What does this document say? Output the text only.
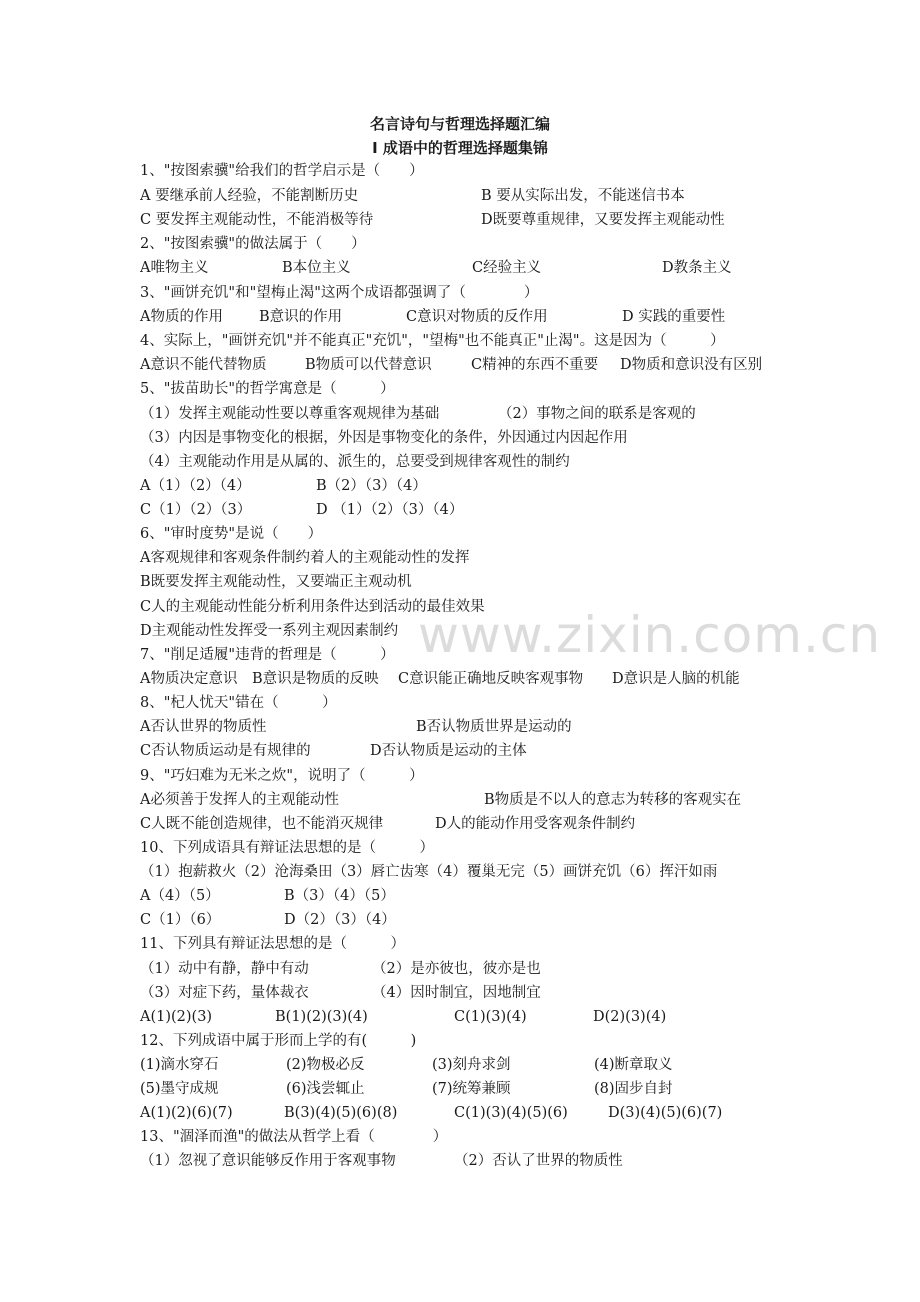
名言诗句与哲理选择题汇编
Ⅰ 成语中的哲理选择题集锦
www.zixin.com.cn
1、"按图索骥"给我们的哲学启示是（　　）
A 要继承前人经验，不能割断历史	B 要从实际出发，不能迷信书本
C 要发挥主观能动性，不能消极等待	D既要尊重规律，又要发挥主观能动性
2、"按图索骥"的做法属于（　　）
A唯物主义	B本位主义	C经验主义	D教条主义
3、"画饼充饥"和"望梅止渴"这两个成语都强调了（　　　　）
A物质的作用 B意识的作用	C意识对物质的反作用	D 实践的重要性
4、实际上，"画饼充饥"并不能真正"充饥"，"望梅"也不能真正"止渴"。这是因为（　　　）
A意识不能代替物质	B物质可以代替意识	C精神的东西不重要 D物质和意识没有区别
5、"拔苗助长"的哲学寓意是（　　　）
（1）发挥主观能动性要以尊重客观规律为基础	（2）事物之间的联系是客观的
（3）内因是事物变化的根据，外因是事物变化的条件，外因通过内因起作用
（4）主观能动作用是从属的、派生的，总要受到规律客观性的制约
A（1）（2）（4）	B（2）（3）（4）
C（1）（2）（3）	D （1）（2）（3）（4）
6、"审时度势"是说（　　）
A客观规律和客观条件制约着人的主观能动性的发挥
B既要发挥主观能动性，又要端正主观动机
C人的主观能动性能分析利用条件达到活动的最佳效果
D主观能动性发挥受一系列主观因素制约
7、"削足适履"违背的哲理是（　　　）
A物质决定意识 B意识是物质的反映 C意识能正确地反映客观事物 D意识是人脑的机能
8、"杞人忧天"错在（　　　）
A否认世界的物质性	B否认物质世界是运动的
C否认物质运动是有规律的	D否认物质是运动的主体
9、"巧妇难为无米之炊"，说明了（　　　）
A必须善于发挥人的主观能动性	B物质是不以人的意志为转移的客观实在
C人既不能创造规律，也不能消灭规律	D人的能动作用受客观条件制约
10、下列成语具有辩证法思想的是（　　　）
（1）抱薪救火（2）沧海桑田（3）唇亡齿寒（4）覆巢无完（5）画饼充饥（6）挥汗如雨
A（4）（5）	B（3）（4）（5）
C（1）（6）	D（2）（3）（4）
11、下列具有辩证法思想的是（　　　）
（1）动中有静，静中有动	（2）是亦彼也，彼亦是也
（3）对症下药，量体裁衣	（4）因时制宜，因地制宜
A(1)(2)(3)	B(1)(2)(3)(4)	C(1)(3)(4)	D(2)(3)(4)
12、下列成语中属于形而上学的有(　　　)
(1)滴水穿石	(2)物极必反	(3)刻舟求剑	(4)断章取义
(5)墨守成规	(6)浅尝辄止	(7)统筹兼顾	(8)固步自封
A(1)(2)(6)(7)	B(3)(4)(5)(6)(8)	C(1)(3)(4)(5)(6)	D(3)(4)(5)(6)(7)
13、"涸泽而渔"的做法从哲学上看（　　　　）
（1）忽视了意识能够反作用于客观事物	（2）否认了世界的物质性
